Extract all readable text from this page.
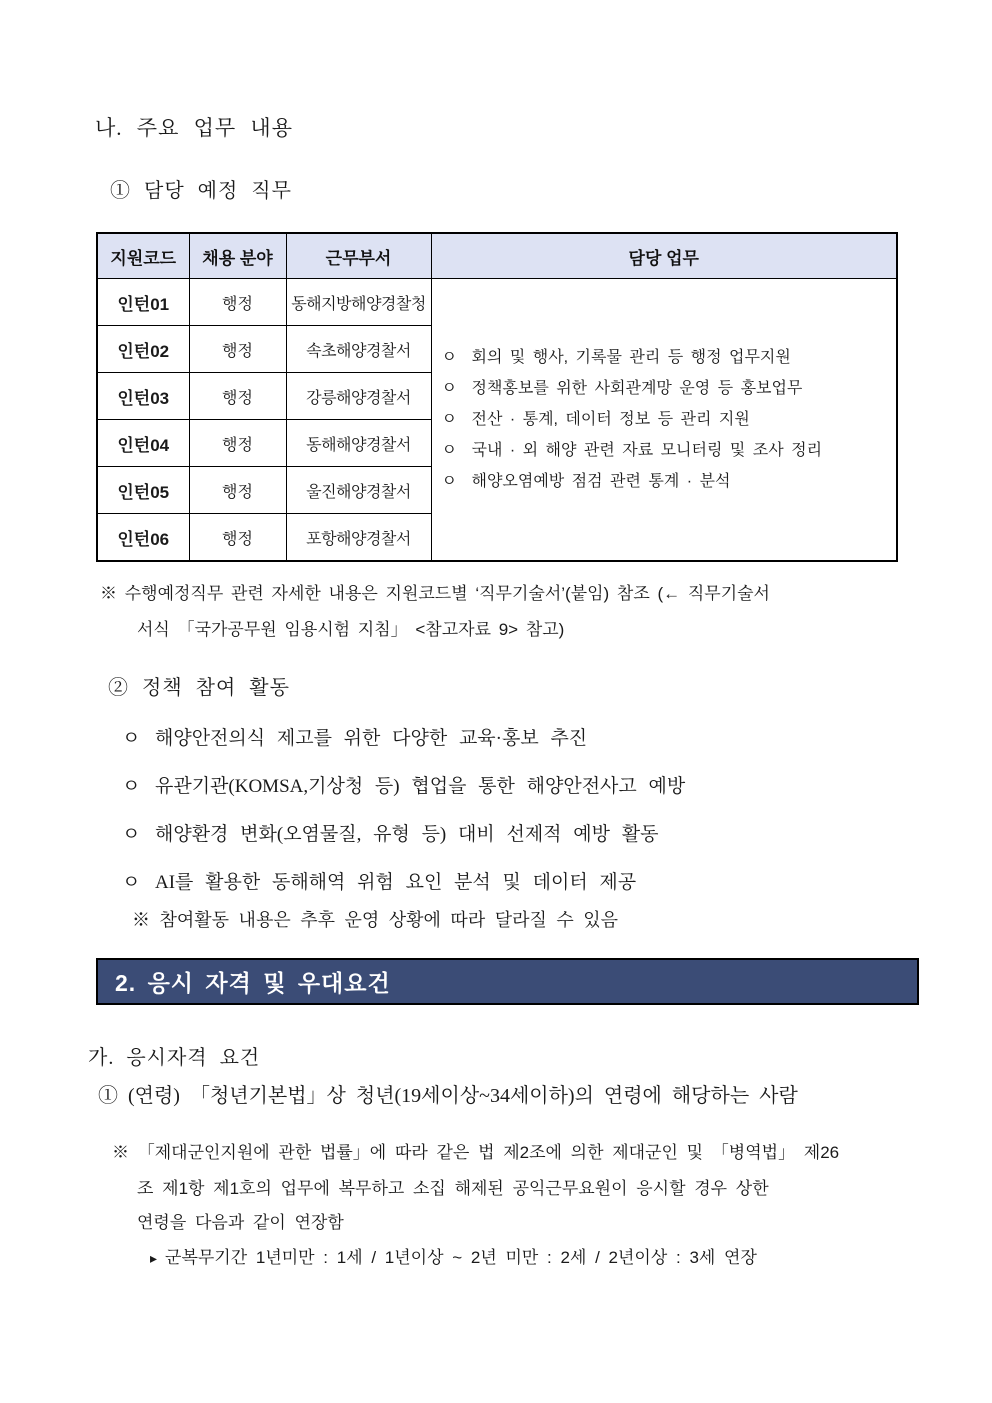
나. 주요 업무 내용
① 담당 예정 직무
지원코드	채용 분야	근무부서	담당 업무
인턴01	행정	동해지방해양경찰청	ㅇ 회의 및 행사, 기록물 관리 등 행정 업무지원
ㅇ 정책홍보를 위한 사회관계망 운영 등 홍보업무
ㅇ 전산 · 통계, 데이터 정보 등 관리 지원
ㅇ 국내 · 외 해양 관련 자료 모니터링 및 조사 정리
ㅇ 해양오염예방 점검 관련 통계 · 분석

인턴02	행정	속초해양경찰서	
인턴03	행정	강릉해양경찰서	
인턴04	행정	동해해양경찰서	
인턴05	행정	울진해양경찰서	
인턴06	행정	포항해양경찰서	
※ 수행예정직무 관련 자세한 내용은 지원코드별 ‘직무기술서’(붙임) 참조 (← 직무기술서
서식 「국가공무원 임용시험 지침」 <참고자료 9> 참고)
② 정책 참여 활동
ㅇ 해양안전의식 제고를 위한 다양한 교육·홍보 추진
ㅇ 유관기관(KOMSA,기상청 등) 협업을 통한 해양안전사고 예방
ㅇ 해양환경 변화(오염물질, 유형 등) 대비 선제적 예방 활동
ㅇ AI를 활용한 동해해역 위험 요인 분석 및 데이터 제공
※ 참여활동 내용은 추후 운영 상황에 따라 달라질 수 있음
2. 응시 자격 및 우대요건
가. 응시자격 요건
① (연령) 「청년기본법」상 청년(19세이상~34세이하)의 연령에 해당하는 사람
※ 「제대군인지원에 관한 법률」에 따라 같은 법 제2조에 의한 제대군인 및 「병역법」 제26
조 제1항 제1호의 업무에 복무하고 소집 해제된 공익근무요원이 응시할 경우 상한
연령을 다음과 같이 연장함
▸ 군복무기간 1년미만 : 1세 / 1년이상 ~ 2년 미만 : 2세 / 2년이상 : 3세 연장
